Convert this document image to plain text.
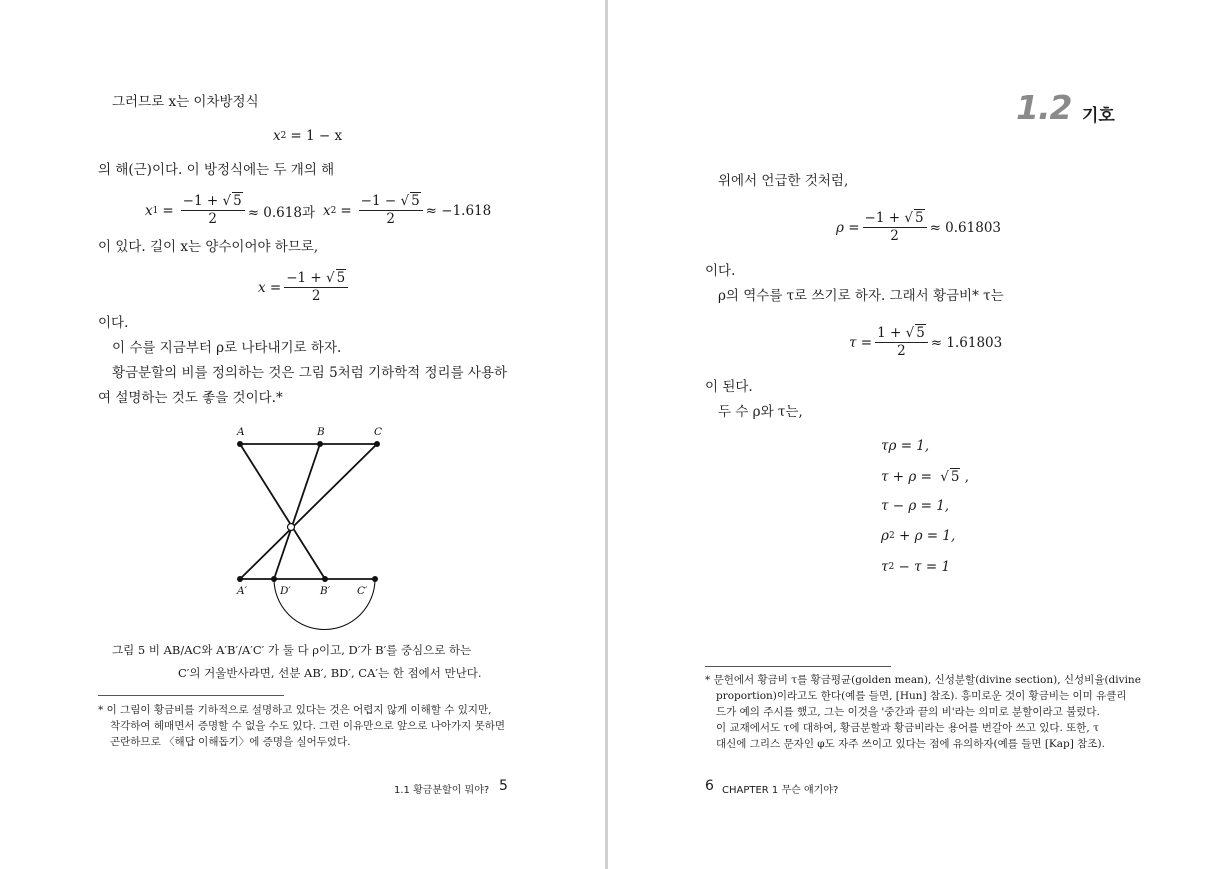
그러므로 x는 이차방정식
x 2 = 1 − x
의 해(근)이다. 이 방정식에는 두 개의 해
x $1 = \frac{-1 + √ 5}{2} \approx 0.618$과 x $2 = \frac{-1 - √ 5}{2} \approx -1.618$
이 있다. 길이 x는 양수이어야 하므로,
$x = \frac{-1 + √ 5}{2}$
이다.
이 수를 지금부터 ρ로 나타내기로 하자.
황금분할의 비를 정의하는 것은 그림 5처럼 기하학적 정리를 사용하
여 설명하는 것도 좋을 것이다.*
A	B	C
A′	D′	B′	C′
그림 5 비 AB/AC와 A′B′/A′C′ 가 둘 다 ρ이고, D′가 B′를 중심으로 하는
C′의 거울반사라면, 선분 AB′, BD′, CA′는 한 점에서 만난다.
* 이 그림이 황금비를 기하적으로 설명하고 있다는 것은 어렵지 않게 이해할 수 있지만,
착각하여 헤매면서 증명할 수 없을 수도 있다. 그런 이유만으로 앞으로 나아가지 못하면
곤란하므로 〈해답 이해돕기〉에 증명을 실어두었다.
1.1 황금분할이 뭐야? 5
1.2 기호
위에서 언급한 것처럼,
$\rho = \frac{-1 + √ 5}{2} \approx 0.61803$
이다.
ρ의 역수를 τ로 쓰기로 하자. 그래서 황금비* τ는
$\tau = \frac{1 + √ 5}{2} \approx 1.61803$
이 된다.
두 수 ρ와 τ는,
τρ = 1,
τ + ρ = √ 5 ,
τ − ρ = 1,
ρ 2 + ρ = 1,
τ 2 − τ = 1
* 문헌에서 황금비 τ를 황금평균(golden mean), 신성분할(divine section), 신성비율(divine
proportion)이라고도 한다(예를 들면, [Hun] 참조). 흥미로운 것이 황금비는 이미 유클리
드가 예의 주시를 했고, 그는 이것을 '중간과 끝의 비'라는 의미로 분할이라고 불렀다.
이 교재에서도 τ에 대하여, 황금분할과 황금비라는 용어를 번갈아 쓰고 있다. 또한, τ
대신에 그리스 문자인 φ도 자주 쓰이고 있다는 점에 유의하자(예를 들면 [Kap] 참조).
6 CHAPTER 1 무슨 얘기야?
